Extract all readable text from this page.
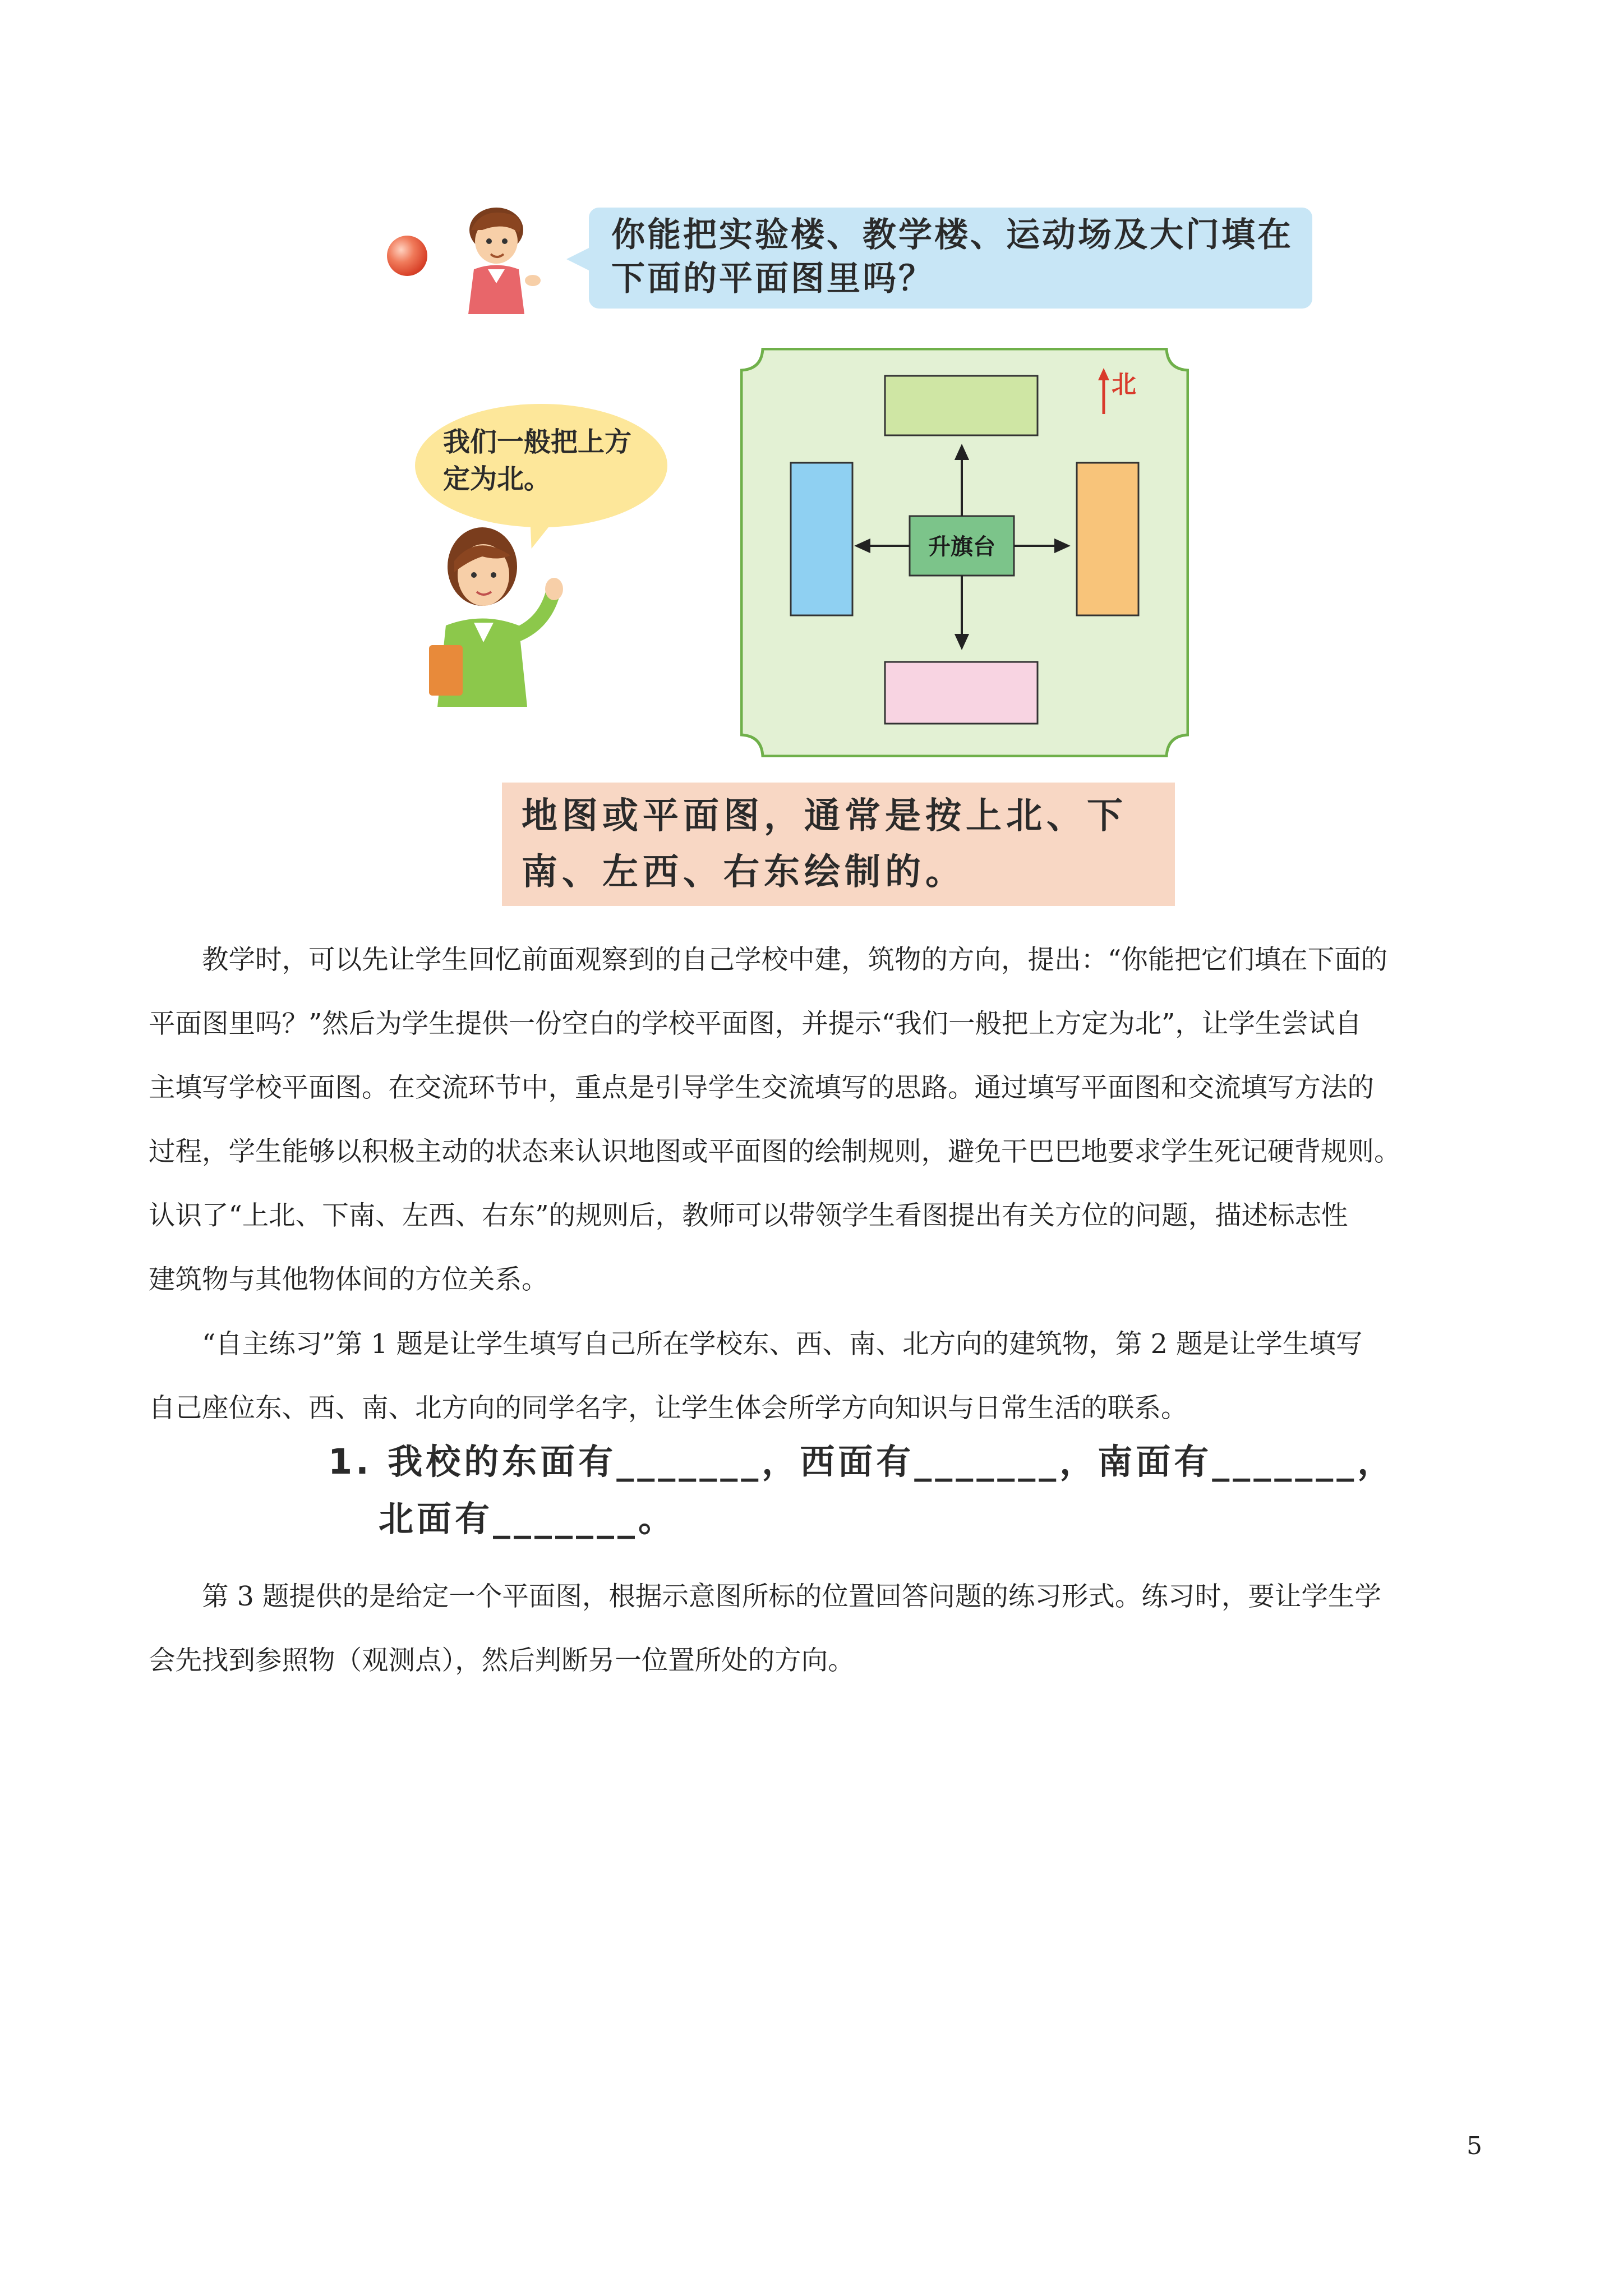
你能把实验楼、教学楼、运动场及大门填在
下面的平面图里吗？
我们一般把上方
定为北。
北
升旗台
地图或平面图，通常是按上北、下
南、左西、右东绘制的。
　　教学时，可以先让学生回忆前面观察到的自己学校中建，筑物的方向，提出：“你能把它们填在下面的
平面图里吗？”然后为学生提供一份空白的学校平面图，并提示“我们一般把上方定为北”，让学生尝试自
主填写学校平面图。在交流环节中，重点是引导学生交流填写的思路。通过填写平面图和交流填写方法的
过程，学生能够以积极主动的状态来认识地图或平面图的绘制规则，避免干巴巴地要求学生死记硬背规则。
认识了“上北、下南、左西、右东”的规则后，教师可以带领学生看图提出有关方位的问题，描述标志性
建筑物与其他物体间的方位关系。
　　“自主练习”第 1 题是让学生填写自己所在学校东、西、南、北方向的建筑物，第 2 题是让学生填写
自己座位东、西、南、北方向的同学名字，让学生体会所学方向知识与日常生活的联系。
1. 我校的东面有_______，西面有_______，南面有_______，
北面有_______。
　　第 3 题提供的是给定一个平面图，根据示意图所标的位置回答问题的练习形式。练习时，要让学生学
会先找到参照物（观测点），然后判断另一位置所处的方向。
5
